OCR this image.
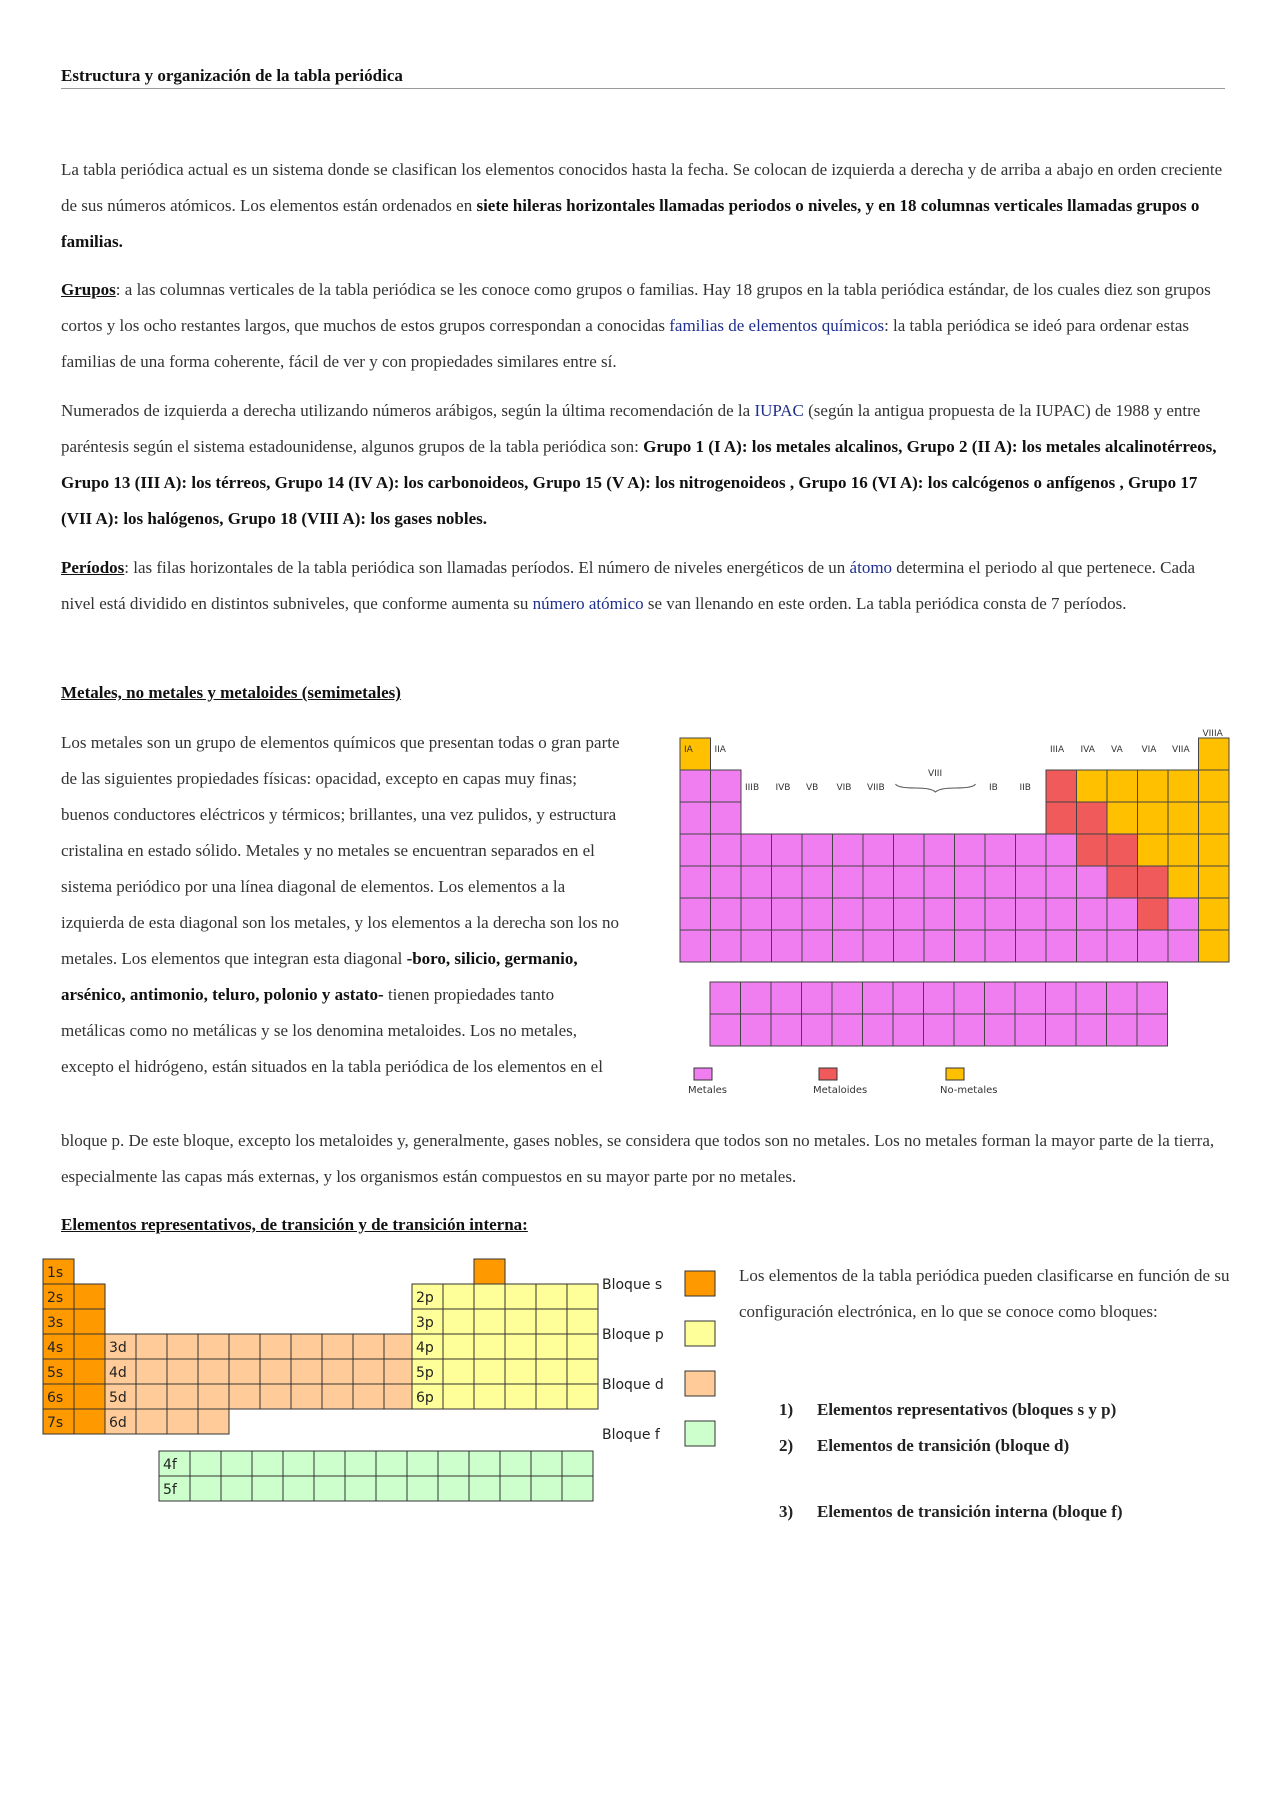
Estructura y organización de la tabla periódica
La tabla periódica actual es un sistema donde se clasifican los elementos conocidos hasta la fecha. Se colocan de izquierda a derecha y de arriba a abajo en orden creciente de sus números atómicos. Los elementos están ordenados en siete hileras horizontales llamadas periodos o niveles, y en 18 columnas verticales llamadas grupos o familias.
Grupos: a las columnas verticales de la tabla periódica se les conoce como grupos o familias. Hay 18 grupos en la tabla periódica estándar, de los cuales diez son grupos cortos y los ocho restantes largos, que muchos de estos grupos correspondan a conocidas familias de elementos químicos: la tabla periódica se ideó para ordenar estas familias de una forma coherente, fácil de ver y con propiedades similares entre sí.
Numerados de izquierda a derecha utilizando números arábigos, según la última recomendación de la IUPAC (según la antigua propuesta de la IUPAC) de 1988 y entre paréntesis según el sistema estadounidense, algunos grupos de la tabla periódica son: Grupo 1 (I A): los metales alcalinos, Grupo 2 (II A): los metales alcalinotérreos, Grupo 13 (III A): los térreos, Grupo 14 (IV A): los carbonoideos, Grupo 15 (V A): los nitrogenoideos , Grupo 16 (VI A): los calcógenos o anfígenos , Grupo 17 (VII A): los halógenos, Grupo 18 (VIII A): los gases nobles.
Períodos: las filas horizontales de la tabla periódica son llamadas períodos. El número de niveles energéticos de un átomo determina el periodo al que pertenece. Cada nivel está dividido en distintos subniveles, que conforme aumenta su número atómico se van llenando en este orden. La tabla periódica consta de 7 períodos.
Metales, no metales y metaloides (semimetales)
Los metales son un grupo de elementos químicos que presentan todas o gran parte de las siguientes propiedades físicas: opacidad, excepto en capas muy finas; buenos conductores eléctricos y térmicos; brillantes, una vez pulidos, y estructura cristalina en estado sólido. Metales y no metales se encuentran separados en el sistema periódico por una línea diagonal de elementos. Los elementos a la izquierda de esta diagonal son los metales, y los elementos a la derecha son los no metales. Los elementos que integran esta diagonal -boro, silicio, germanio, arsénico, antimonio, teluro, polonio y astato- tienen propiedades tanto metálicas como no metálicas y se los denomina metaloides. Los no metales, excepto el hidrógeno, están situados en la tabla periódica de los elementos en el
bloque p. De este bloque, excepto los metaloides y, generalmente, gases nobles, se considera que todos son no metales. Los no metales forman la mayor parte de la tierra, especialmente las capas más externas, y los organismos están compuestos en su mayor parte por no metales.
Elementos representativos, de transición y de transición interna:
Los elementos de la tabla periódica pueden clasificarse en función de su configuración electrónica, en lo que se conoce como bloques:
1) Elementos representativos (bloques s y p)
2) Elementos de transición (bloque d)
3) Elementos de transición interna (bloque f)
IA IIA
IIIB IVB VB VIB VIIB
VIII
IB IIB
IIIA IVA VA VIA VIIA
VIIIA
Metales	Metaloides	No-metales
1s
2s
3s
4s
5s
6s
7s
3d
4d
5d
6d
2p
3p
4p
5p
6p
4f
5f
Bloque s
Bloque p
Bloque d
Bloque f
